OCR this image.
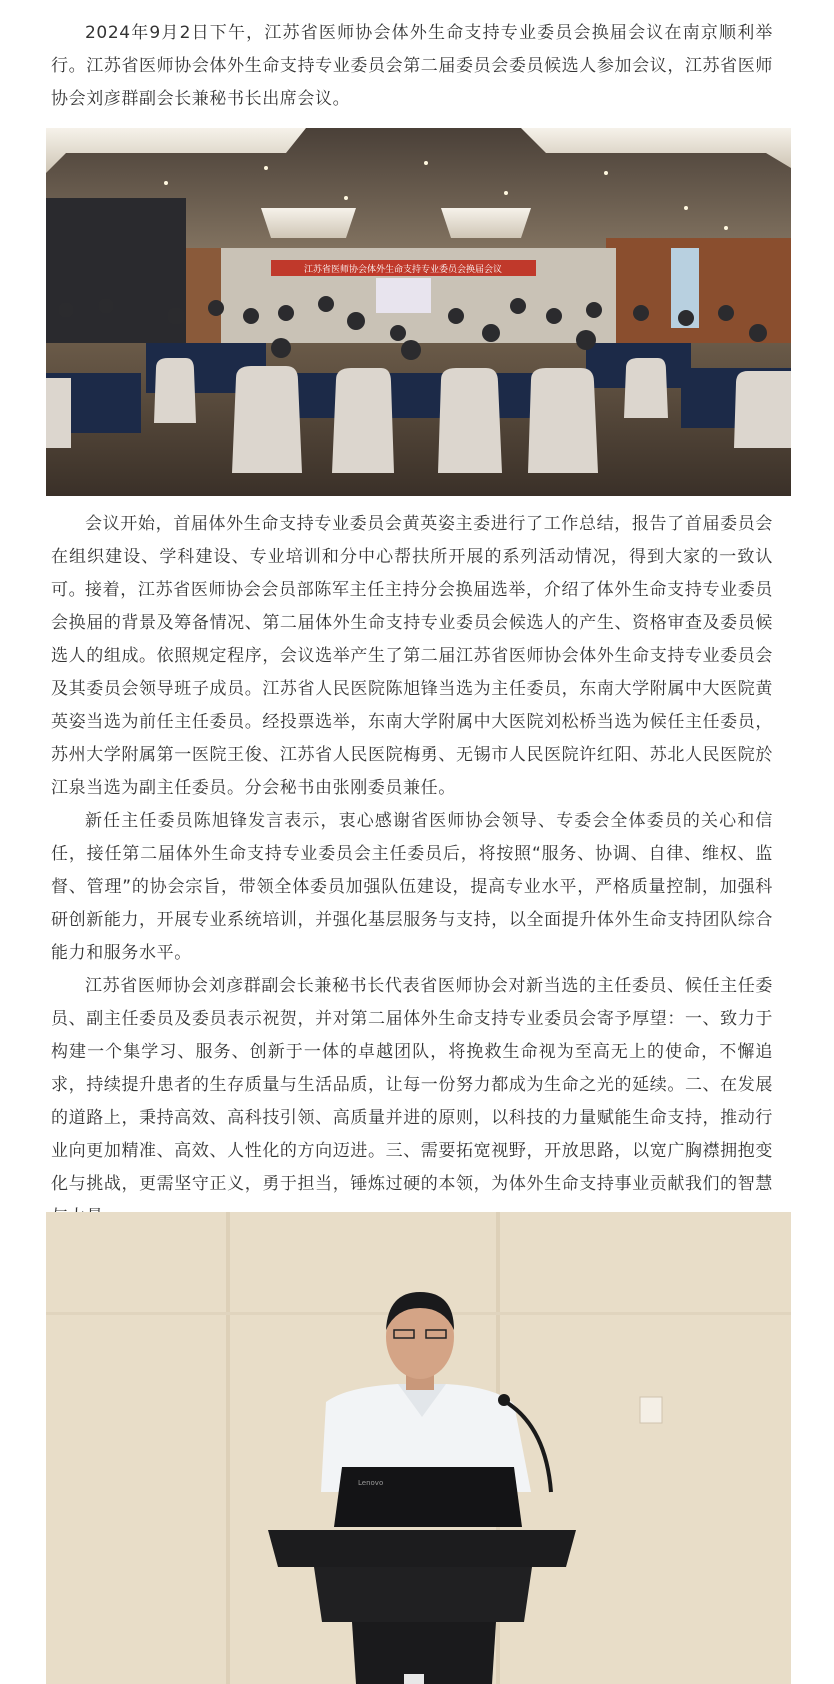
2024年9月2日下午，江苏省医师协会体外生命支持专业委员会换届会议在南京顺利举行。江苏省医师协会体外生命支持专业委员会第二届委员会委员候选人参加会议，江苏省医师协会刘彦群副会长兼秘书长出席会议。

江苏省医师协会体外生命支持专业委员会换届会议

会议开始，首届体外生命支持专业委员会黄英姿主委进行了工作总结，报告了首届委员会在组织建设、学科建设、专业培训和分中心帮扶所开展的系列活动情况，得到大家的一致认可。

接着，江苏省医师协会会员部陈军主任主持分会换届选举，介绍了体外生命支持专业委员会换届的背景及筹备情况、第二届体外生命支持专业委员会候选人的产生、资格审查及委员候选人的组成。依照规定程序，会议选举产生了第二届江苏省医师协会体外生命支持专业委员会及其委员会领导班子成员。江苏省人民医院陈旭锋当选为主任委员，东南大学附属中大医院黄英姿当选为前任主任委员。经投票选举，东南大学附属中大医院刘松桥当选为候任主任委员，苏州大学附属第一医院王俊、江苏省人民医院梅勇、无锡市人民医院许红阳、苏北人民医院於江泉当选为副主任委员。分会秘书由张刚委员兼任。

新任主任委员陈旭锋发言表示，衷心感谢省医师协会领导、专委会全体委员的关心和信任，接任第二届体外生命支持专业委员会主任委员后，将按照“服务、协调、自律、维权、监督、管理”的协会宗旨，带领全体委员加强队伍建设，提高专业水平，严格质量控制，加强科研创新能力，开展专业系统培训，并强化基层服务与支持，以全面提升体外生命支持团队综合能力和服务水平。

江苏省医师协会刘彦群副会长兼秘书长代表省医师协会对新当选的主任委员、候任主任委员、副主任委员及委员表示祝贺，并对第二届体外生命支持专业委员会寄予厚望：一、致力于构建一个集学习、服务、创新于一体的卓越团队，将挽救生命视为至高无上的使命，不懈追求，持续提升患者的生存质量与生活品质，让每一份努力都成为生命之光的延续。二、在发展的道路上，秉持高效、高科技引领、高质量并进的原则，以科技的力量赋能生命支持，推动行业向更加精准、高效、人性化的方向迈进。三、需要拓宽视野，开放思路，以宽广胸襟拥抱变化与挑战，更需坚守正义，勇于担当，锤炼过硬的本领，为体外生命支持事业贡献我们的智慧

Lenovo
